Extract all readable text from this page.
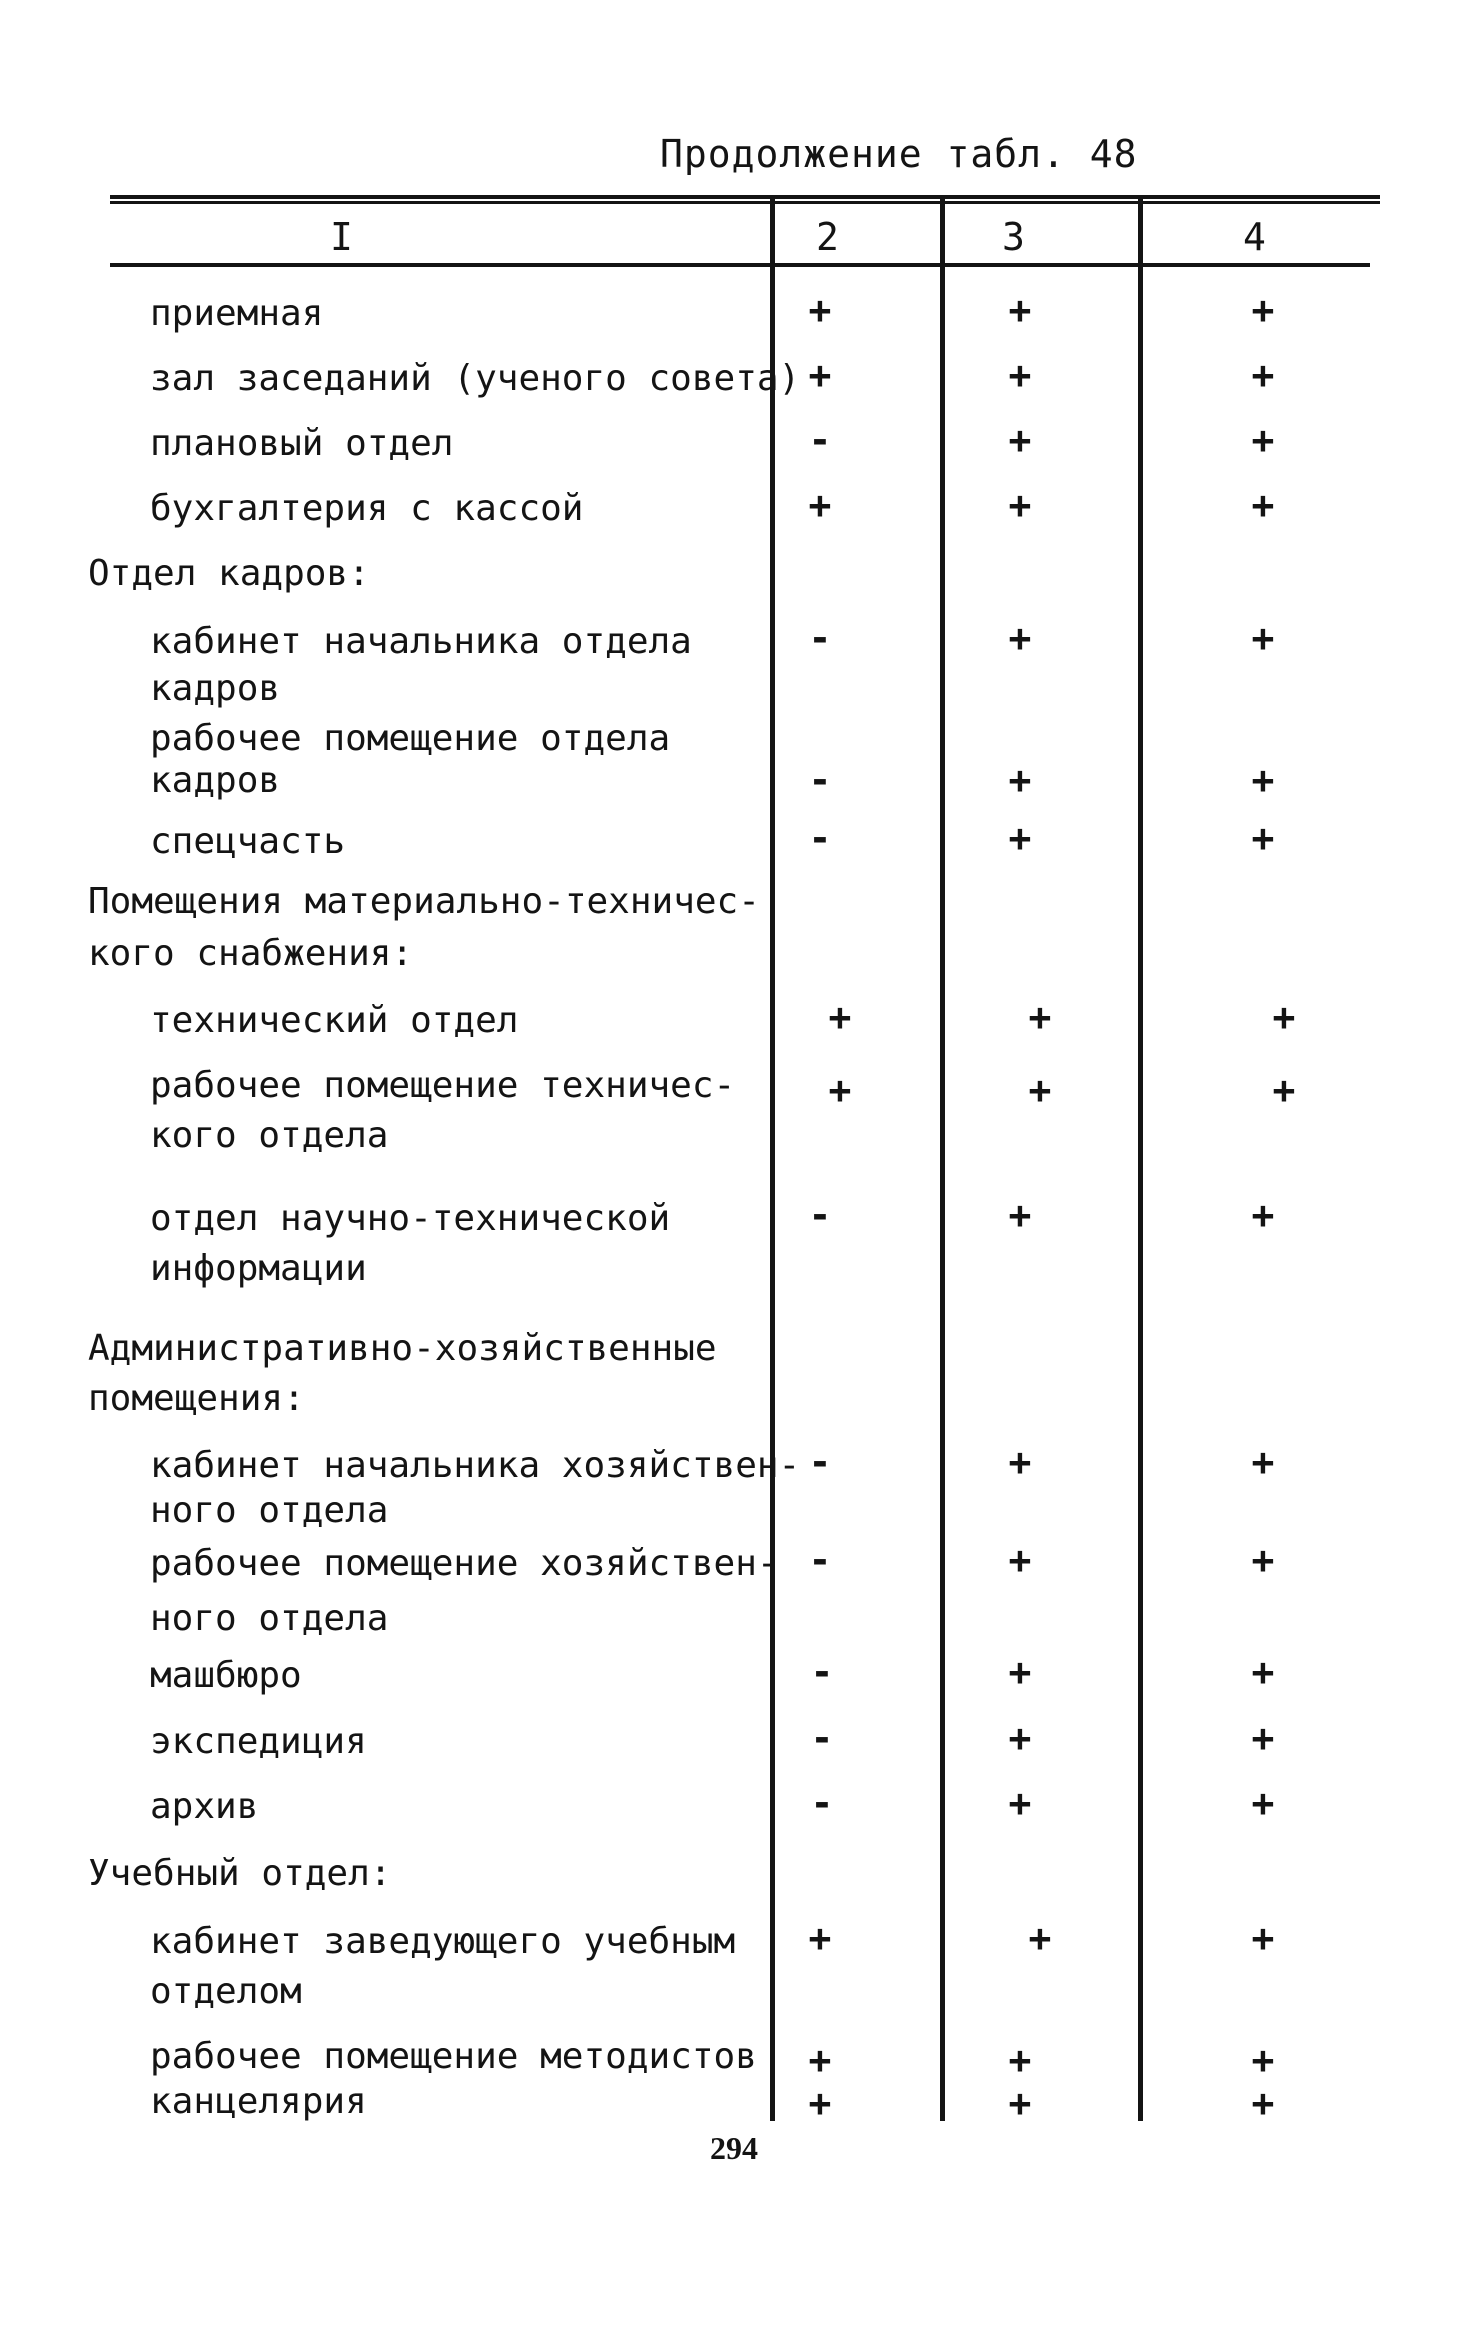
Продолжение табл. 48
I	2	3	4
приемная	+	+	+
зал заседаний (ученого совета) +	+	+
плановый отдел	-	+	+
бухгалтерия с кассой	+	+	+
Отдел кадров:
кабинет начальника отдела
кадров
-	+	+
рабочее помещение отдела
кадров	-	+	+
спецчасть	-	+	+
Помещения материально-техничес-
кого снабжения:
технический отдел	+	+	+
рабочее помещение техничес-
кого отдела
+	+	+
отдел научно-технической
информации
-	+	+
Административно-хозяйственные
помещения:
кабинет начальника хозяйствен-
ного отдела
-	+	+
рабочее помещение хозяйствен-
ного отдела
-	+	+
машбюро	-	+	+
экспедиция	-	+	+
архив	-	+	+
Учебный отдел:
кабинет заведующего учебным
отделом
+	+	+
рабочее помещение методистов +	+	+
канцелярия	+	+	+
294
